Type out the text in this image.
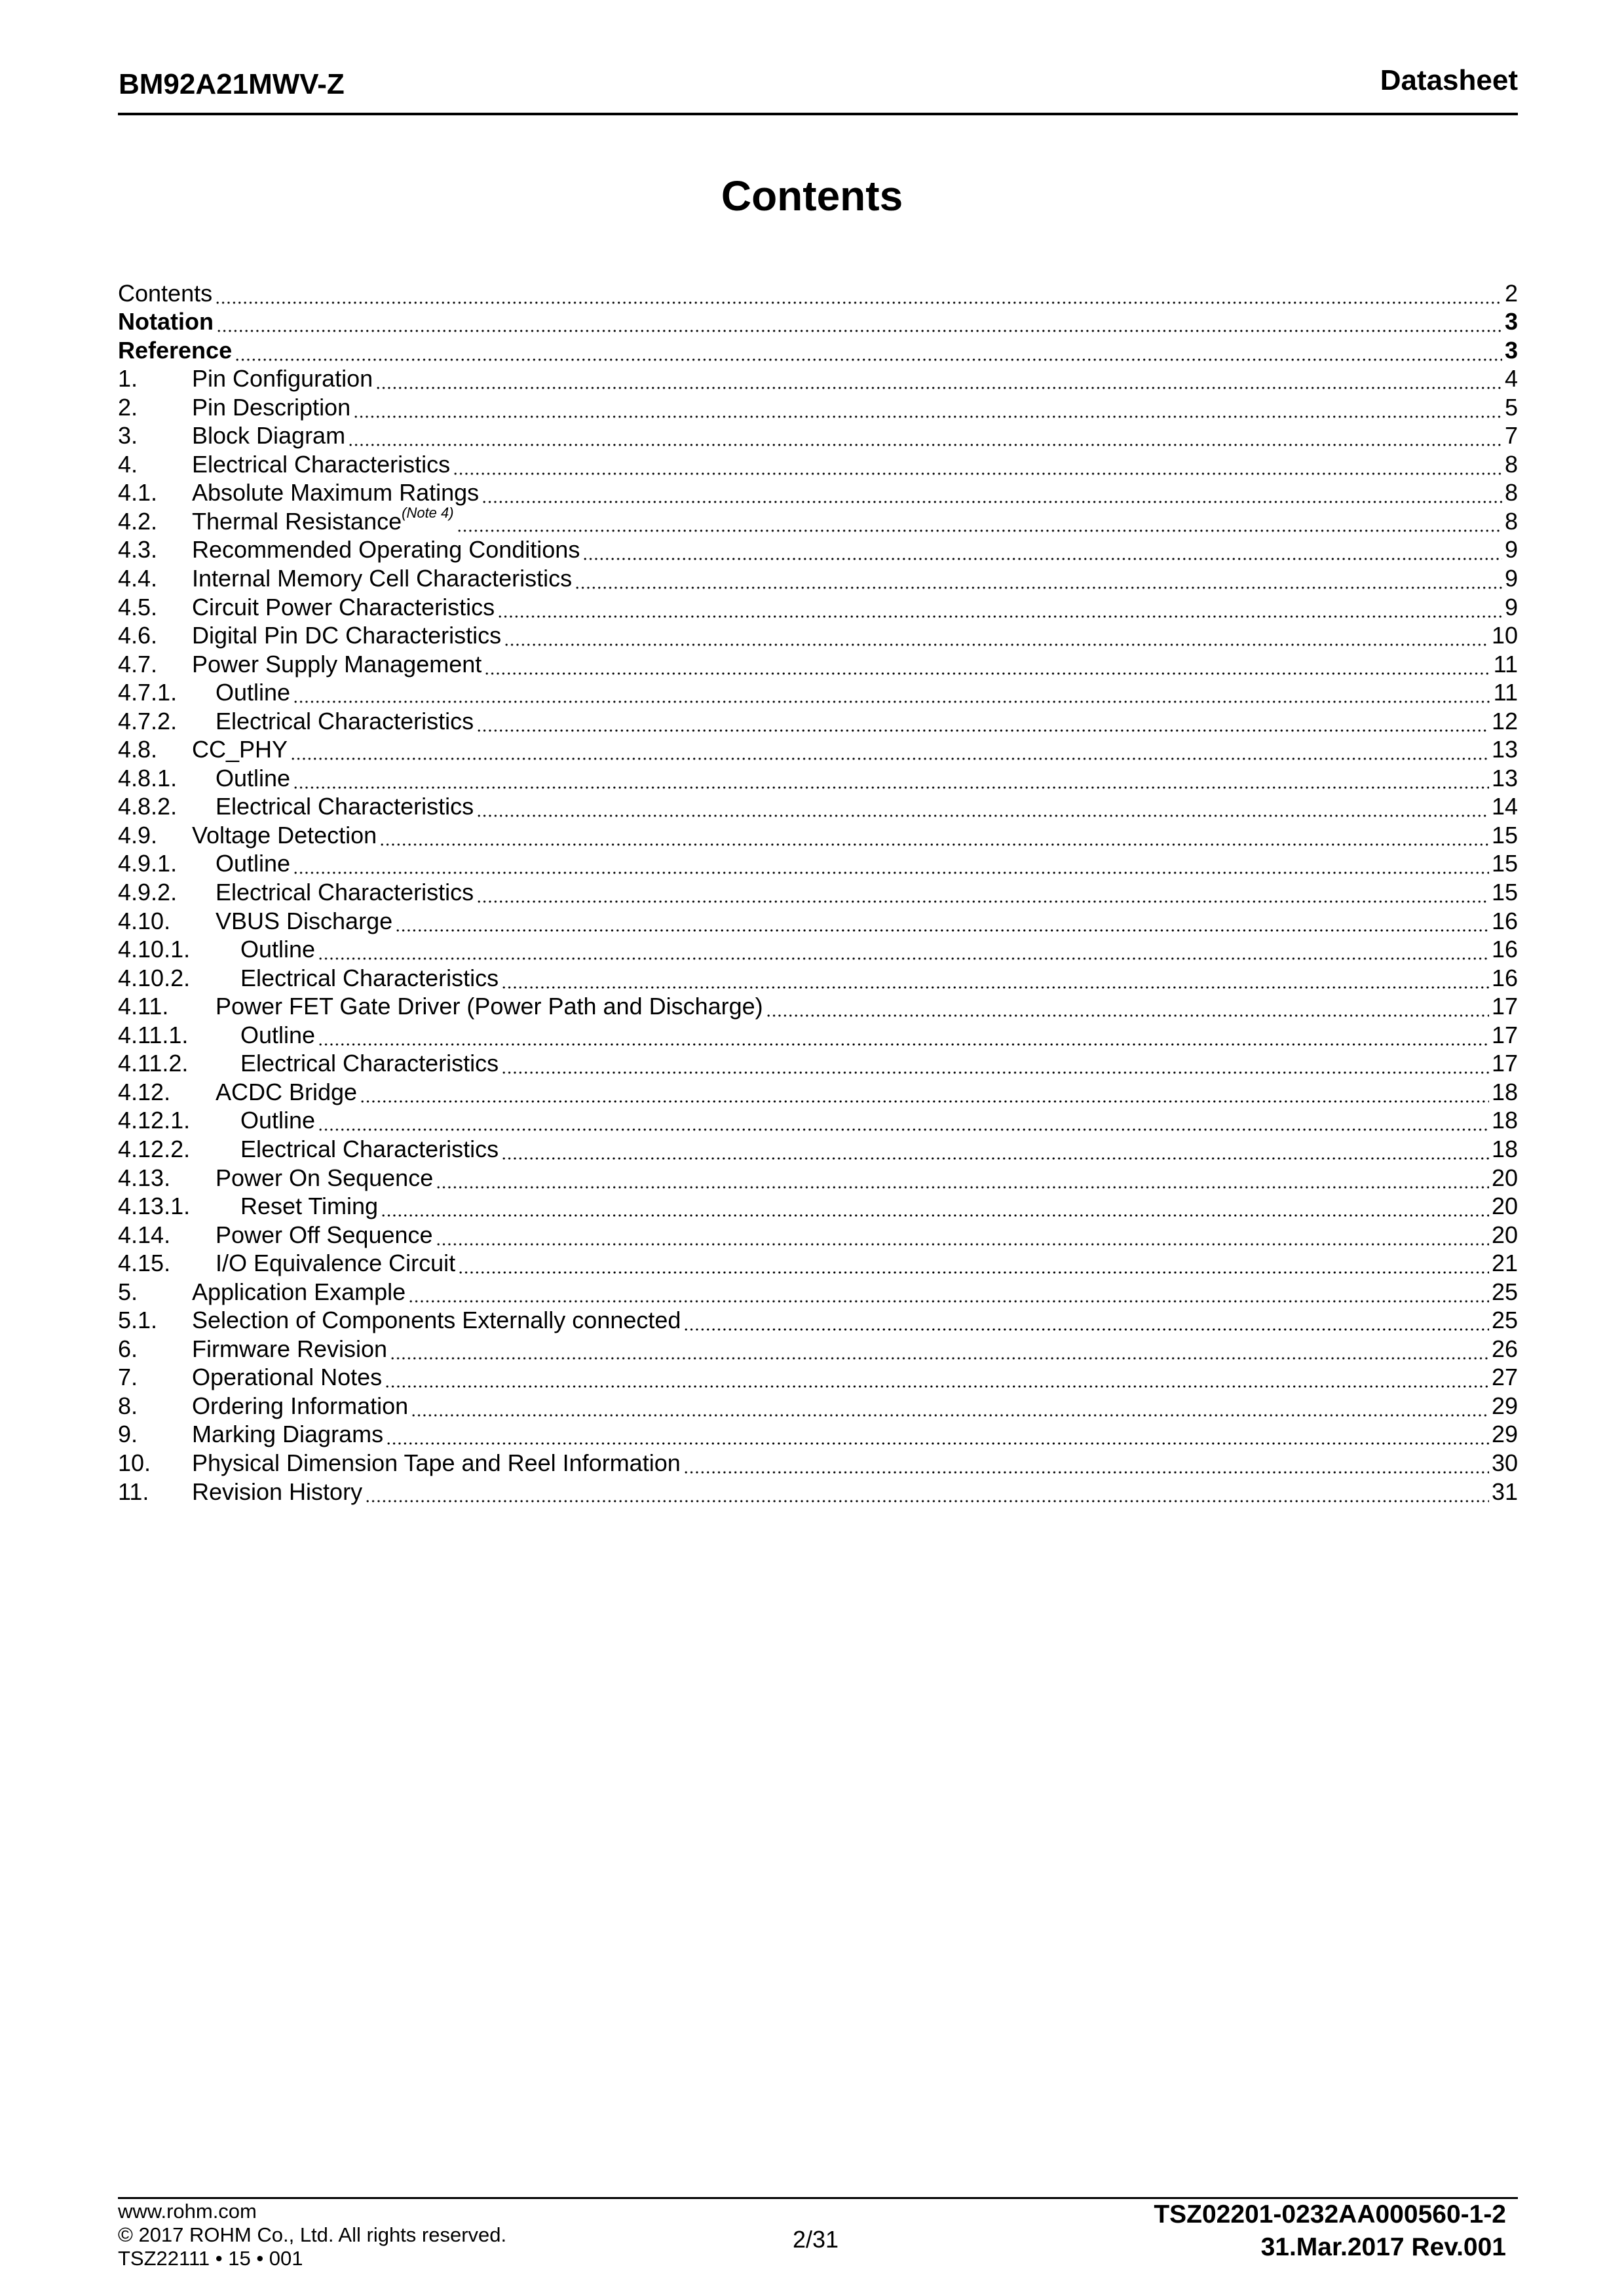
BM92A21MWV-Z	Datasheet
Contents
Contents	2
Notation	3
Reference	3
1.	Pin Configuration	4
2.	Pin Description	5
3.	Block Diagram	7
4.	Electrical Characteristics	8
4.1.	Absolute Maximum Ratings	8
4.2.	Thermal Resistance$^{(Note 4)}$	8
4.3.	Recommended Operating Conditions	9
4.4.	Internal Memory Cell Characteristics	9
4.5.	Circuit Power Characteristics	9
4.6.	Digital Pin DC Characteristics	10
4.7.	Power Supply Management	11
4.7.1.	Outline	11
4.7.2.	Electrical Characteristics	12
4.8.	CC_PHY	13
4.8.1.	Outline	13
4.8.2.	Electrical Characteristics	14
4.9.	Voltage Detection	15
4.9.1.	Outline	15
4.9.2.	Electrical Characteristics	15
4.10.	VBUS Discharge	16
4.10.1.	Outline	16
4.10.2.	Electrical Characteristics	16
4.11.	Power FET Gate Driver (Power Path and Discharge)	17
4.11.1.	Outline	17
4.11.2.	Electrical Characteristics	17
4.12.	ACDC Bridge	18
4.12.1.	Outline	18
4.12.2.	Electrical Characteristics	18
4.13.	Power On Sequence	20
4.13.1.	Reset Timing	20
4.14.	Power Off Sequence	20
4.15.	I/O Equivalence Circuit	21
5.	Application Example	25
5.1.	Selection of Components Externally connected	25
6.	Firmware Revision	26
7.	Operational Notes	27
8.	Ordering Information	29
9.	Marking Diagrams	29
10.	Physical Dimension Tape and Reel Information	30
11.	Revision History	31
www.rohm.com
© 2017 ROHM Co., Ltd. All rights reserved.
TSZ22111 • 15 • 001
2/31
TSZ02201-0232AA000560-1-2
31.Mar.2017 Rev.001
